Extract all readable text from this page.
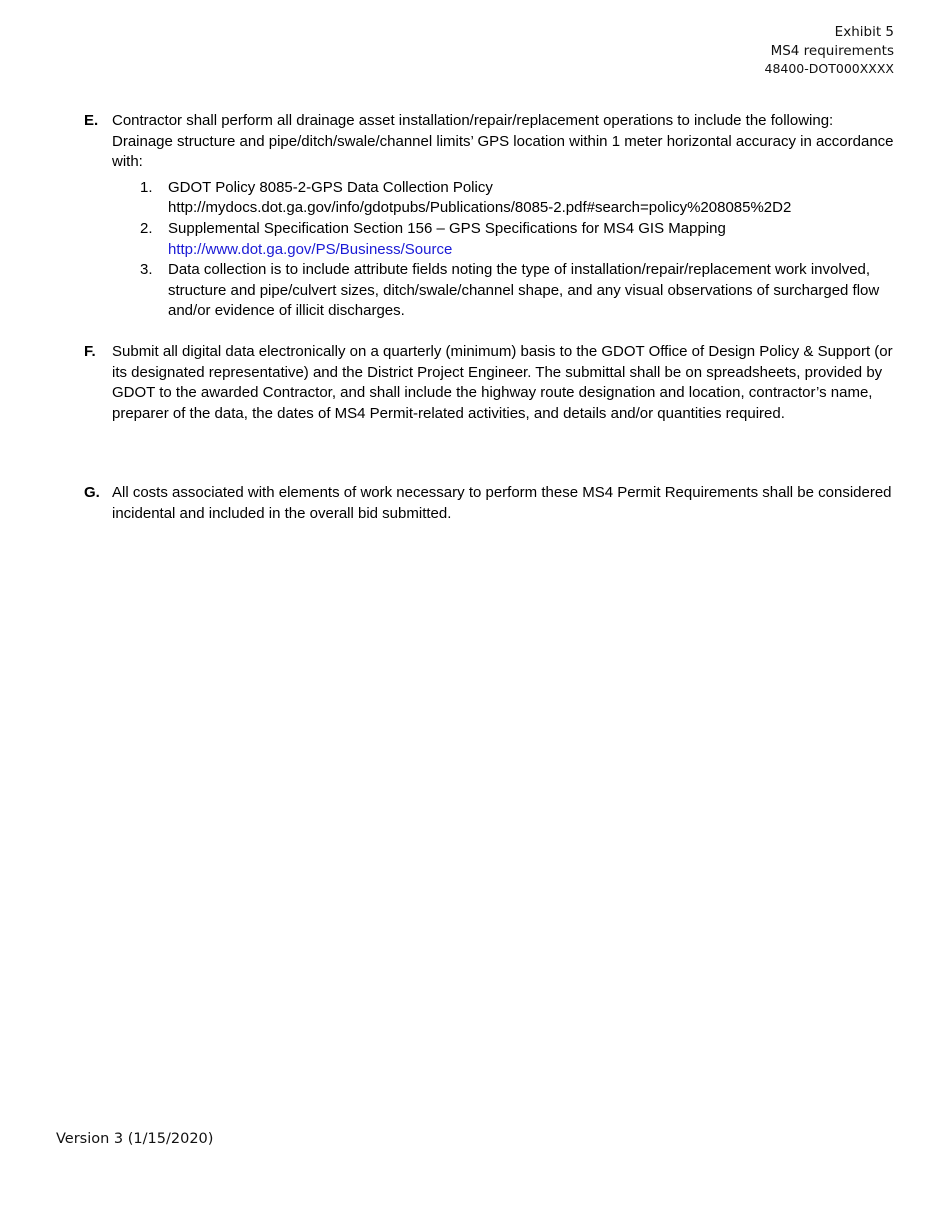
Exhibit 5
MS4 requirements
48400-DOT000XXXX
E. Contractor shall perform all drainage asset installation/repair/replacement operations to include the following: Drainage structure and pipe/ditch/swale/channel limits’ GPS location within 1 meter horizontal accuracy in accordance with:
1. GDOT Policy 8085-2-GPS Data Collection Policy
http://mydocs.dot.ga.gov/info/gdotpubs/Publications/8085-2.pdf#search=policy%208085%2D2
2. Supplemental Specification Section 156 – GPS Specifications for MS4 GIS Mapping
http://www.dot.ga.gov/PS/Business/Source
3. Data collection is to include attribute fields noting the type of installation/repair/replacement work involved, structure and pipe/culvert sizes, ditch/swale/channel shape, and any visual observations of surcharged flow and/or evidence of illicit discharges.
F. Submit all digital data electronically on a quarterly (minimum) basis to the GDOT Office of Design Policy & Support (or its designated representative) and the District Project Engineer. The submittal shall be on spreadsheets, provided by GDOT to the awarded Contractor, and shall include the highway route designation and location, contractor’s name, preparer of the data, the dates of MS4 Permit-related activities, and details and/or quantities required.
G. All costs associated with elements of work necessary to perform these MS4 Permit Requirements shall be considered incidental and included in the overall bid submitted.
Version 3 (1/15/2020)
